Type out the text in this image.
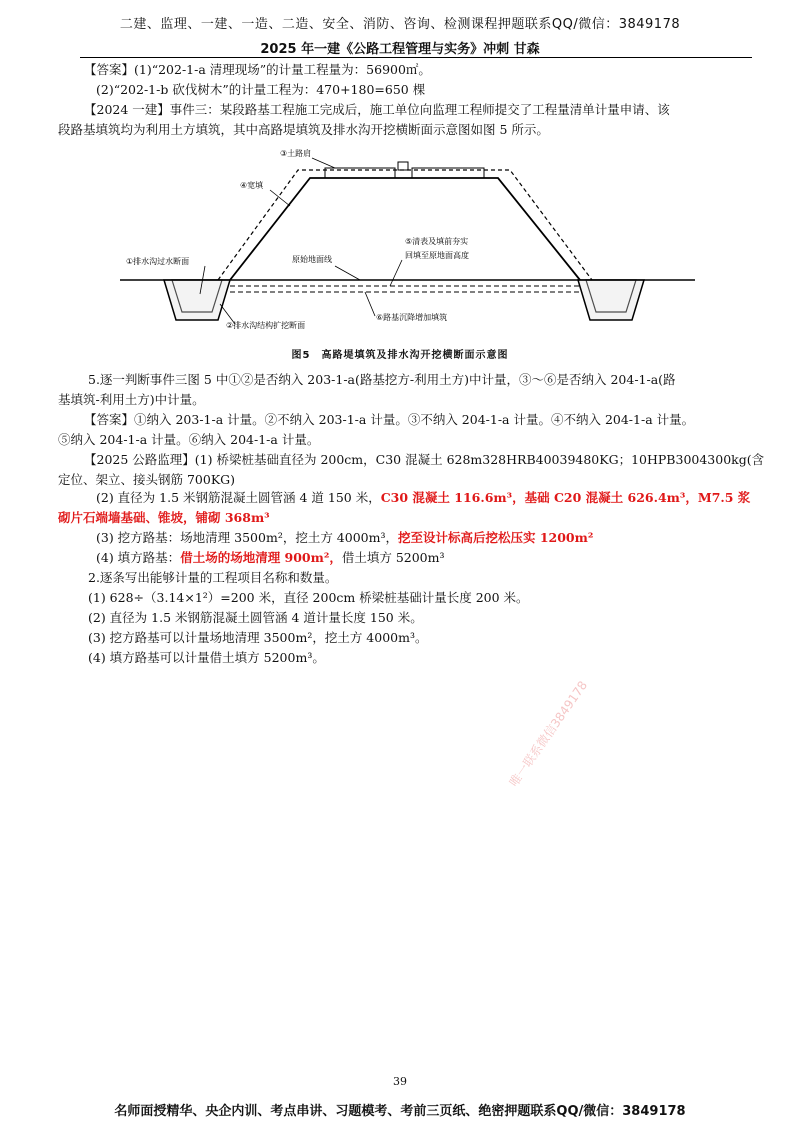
二建、监理、一建、一造、二造、安全、消防、咨询、检测课程押题联系QQ/微信：3849178
2025 年一建《公路工程管理与实务》冲刺 甘森
【答案】(1)“202-1-a 清理现场”的计量工程量为：56900㎡。
(2)“202-1-b 砍伐树木”的计量工程为：470+180=650 棵
【2024 一建】事件三：某段路基工程施工完成后，施工单位向监理工程师提交了工程量清单计量申请、该
段路基填筑均为利用土方填筑，其中高路堤填筑及排水沟开挖横断面示意图如图 5 所示。
③土路肩
④宽填
①排水沟过水断面	原始地面线
⑤清表及填前夯实
回填至原地面高度
②排水沟结构扩挖断面
⑥路基沉降增加填筑
图5　高路堤填筑及排水沟开挖横断面示意图
5.逐一判断事件三图 5 中①②是否纳入 203-1-a(路基挖方-利用土方)中计量，③～⑥是否纳入 204-1-a(路
基填筑-利用土方)中计量。
【答案】①纳入 203-1-a 计量。②不纳入 203-1-a 计量。③不纳入 204-1-a 计量。④不纳入 204-1-a 计量。
⑤纳入 204-1-a 计量。⑥纳入 204-1-a 计量。
【2025 公路监理】(1) 桥梁桩基础直径为 200cm，C30 混凝土 628m328HRB40039480KG；10HPB3004300kg(含
定位、架立、接头钢筋 700KG)
(2) 直径为 1.5 米钢筋混凝土圆管涵 4 道 150 米，C30 混凝土 116.6m³，基础 C20 混凝土 626.4m³，M7.5 浆
砌片石端墙基础、锥坡，铺砌 368m³
(3) 挖方路基：场地清理 3500m²，挖土方 4000m³，挖至设计标高后挖松压实 1200m²
(4) 填方路基：借土场的场地清理 900m²，借土填方 5200m³
2.逐条写出能够计量的工程项目名称和数量。
(1) 628÷（3.14×1²）=200 米，直径 200cm 桥梁桩基础计量长度 200 米。
(2) 直径为 1.5 米钢筋混凝土圆管涵 4 道计量长度 150 米。
(3) 挖方路基可以计量场地清理 3500m²，挖土方 4000m³。
(4) 填方路基可以计量借土填方 5200m³。
唯一联系微信3849178
39
名师面授精华、央企内训、考点串讲、习题模考、考前三页纸、绝密押题联系QQ/微信：3849178
